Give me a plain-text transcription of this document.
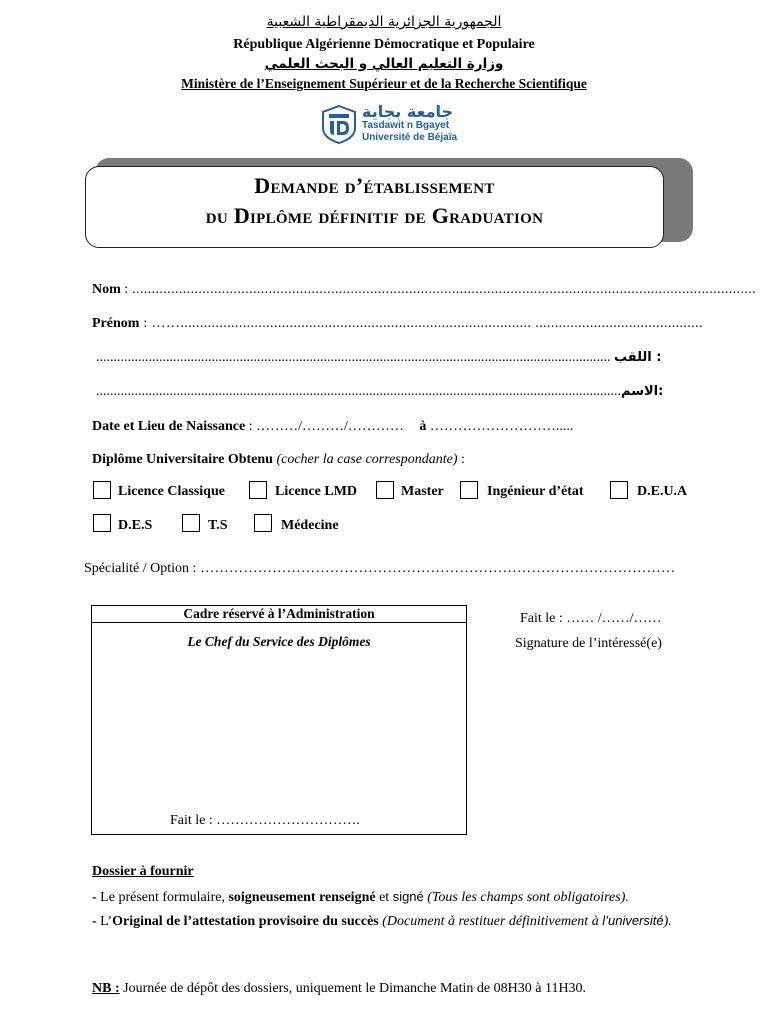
الجمهورية الجزائرية الديمقراطية الشعبية
République Algérienne Démocratique et Populaire
وزارة التعليم العالي و البحث العلمي
Ministère de l’Enseignement Supérieur et de la Recherche Scientifique
جامعة بجاية
Tasdawit n Bgayet
Université de Béjaïa
Demande d’établissement
du Diplôme définitif de Graduation
Nom : ................................................................................................................................................................
Prénom : …….......................................................................................... ...........................................
................................................................................................................................................... اللقب :
......................................................................................................................................................الاسم:
Date et Lieu de Naissance : ………/………/………… à ……………………….....
Diplôme Universitaire Obtenu (cocher la case correspondante) :
Licence Classique	Licence LMD	Master	Ingénieur d’état	D.E.U.A
D.E.S	T.S	Médecine
Spécialité / Option : ………………………………………………………………………………………
Cadre réservé à l’Administration
Le Chef du Service des Diplômes
Fait le : ………………………….
Fait le : …… /……/……
Signature de l’intéressé(e)
Dossier à fournir
- Le présent formulaire, soigneusement renseigné et signé (Tous les champs sont obligatoires).
- L’Original de l’attestation provisoire du succès (Document à restituer définitivement à l’université).
NB : Journée de dépôt des dossiers, uniquement le Dimanche Matin de 08H30 à 11H30.
